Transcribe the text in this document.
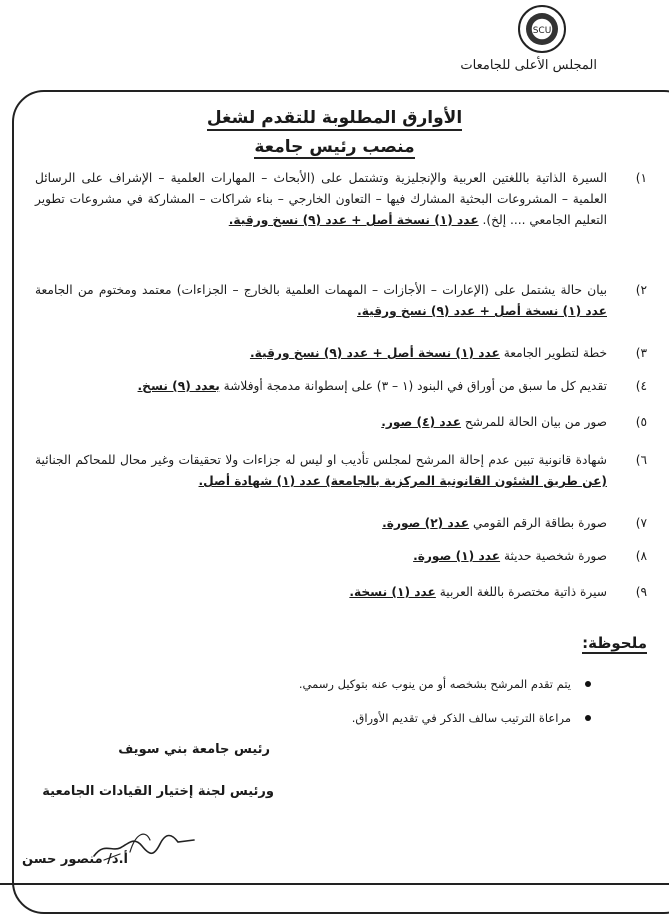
SCU
المجلس الأعلى للجامعات
الأوارق المطلوبة للتقدم لشغل
منصب رئيس جامعة
١)
السيرة الذاتية باللغتين العربية والإنجليزية وتشتمل على (الأبحاث – المهارات العلمية – الإشراف على الرسائل العلمية – المشروعات البحثية المشارك فيها – التعاون الخارجي – بناء شراكات – المشاركة في مشروعات تطوير التعليم الجامعي .... إلخ). عدد (١) نسخة أصل + عدد (٩) نسخ ورقية.
٢)
بيان حالة يشتمل على (الإعارات – الأجازات – المهمات العلمية بالخارج – الجزاءات) معتمد ومختوم من الجامعة عدد (١) نسخة أصل + عدد (٩) نسخ ورقية.
٣)
خطة لتطوير الجامعة عدد (١) نسخة أصل + عدد (٩) نسخ ورقية.
٤)
تقديم كل ما سبق من أوراق في البنود (١ – ٣) على إسطوانة مدمجة أوفلاشة بعدد (٩) نسخ.
٥)
صور من بيان الحالة للمرشح عدد (٤) صور.
٦)
شهادة قانونية تبين عدم إحالة المرشح لمجلس تأديب او ليس له جزاءات ولا تحقيقات وغير محال للمحاكم الجنائية (عن طريق الشئون القانونية المركزية بالجامعة) عدد (١) شهادة أصل.
٧)
صورة بطاقة الرقم القومي عدد (٢) صورة.
٨)
صورة شخصية حديثة عدد (١) صورة.
٩)
سيرة ذاتية مختصرة باللغة العربية عدد (١) نسخة.
ملحوظة:
يتم تقدم المرشح بشخصه أو من ينوب عنه بتوكيل رسمي.
مراعاة الترتيب سالف الذكر في تقديم الأوراق.
رئيس جامعة بني سويف
ورئيس لجنة إختيار القيادات الجامعية
أ.د/ منصور حسن
